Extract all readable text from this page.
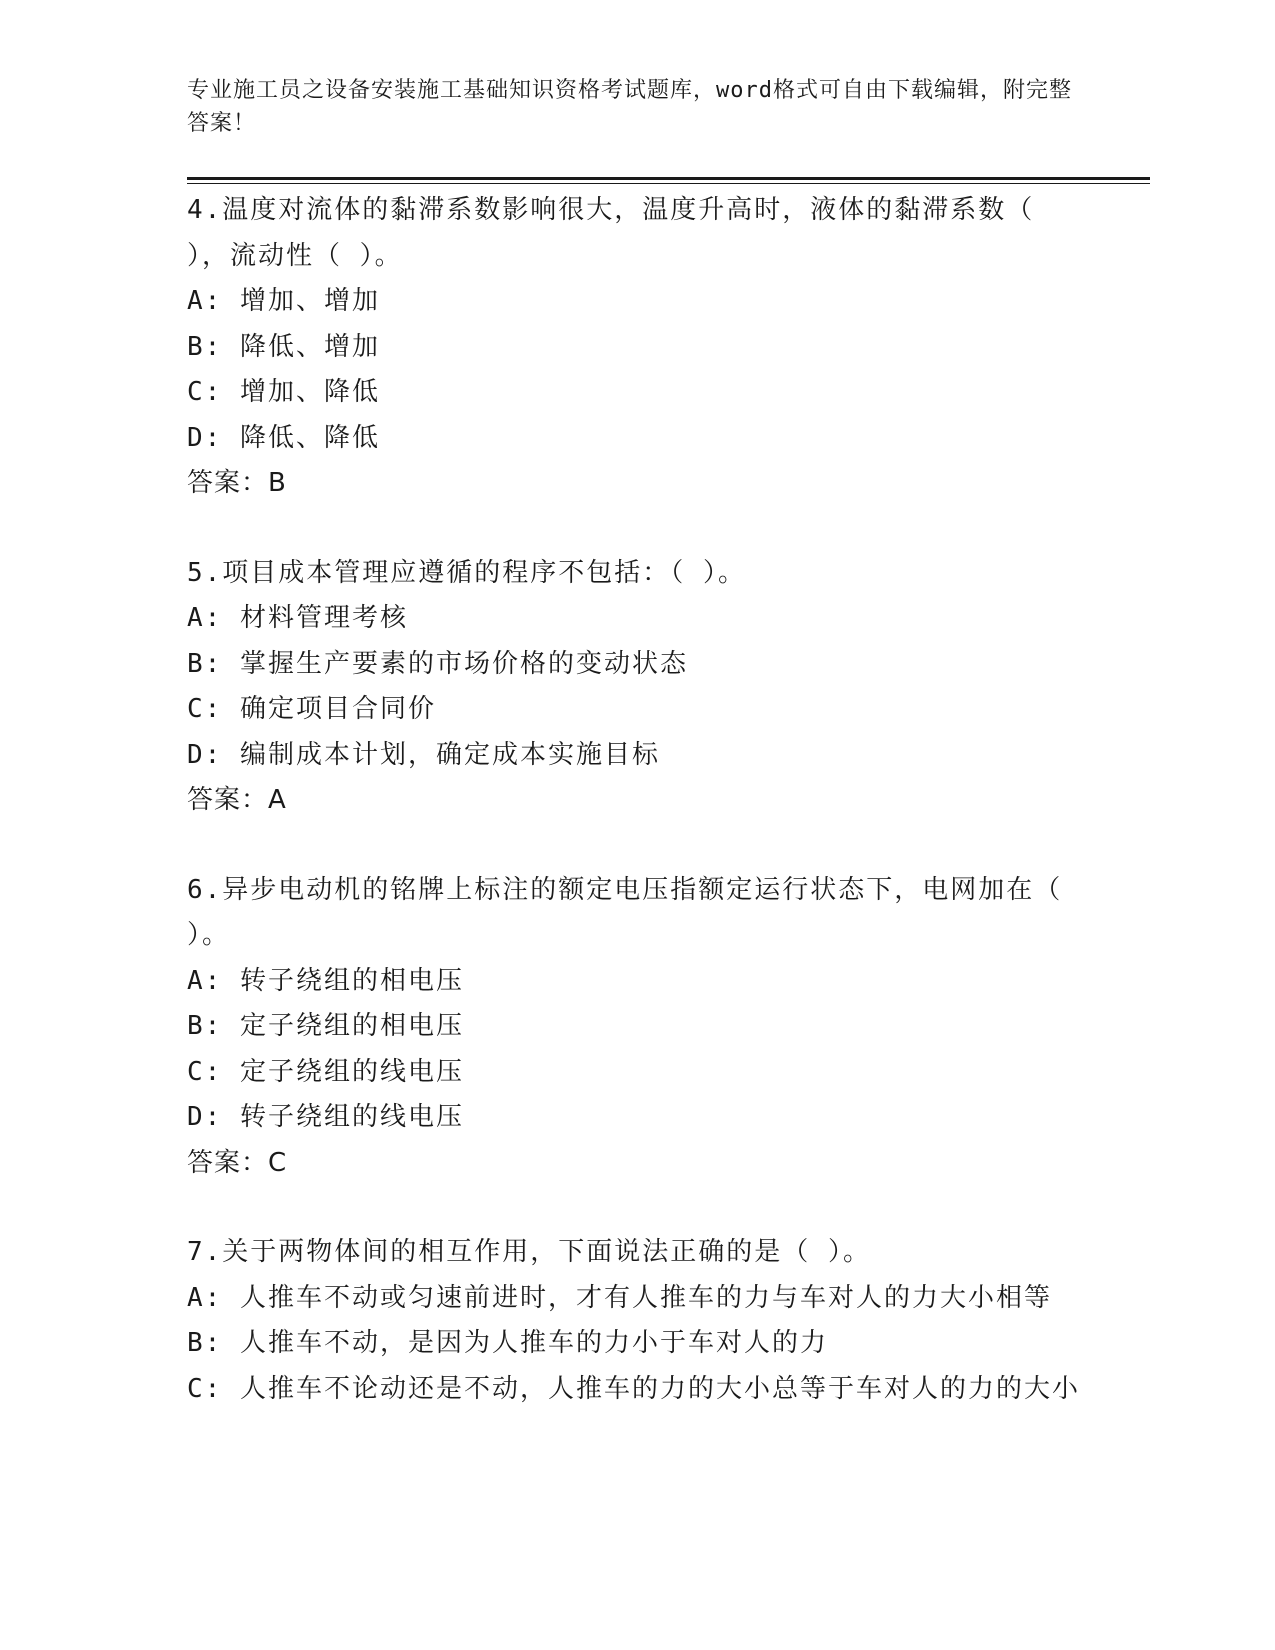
专业施工员之设备安装施工基础知识资格考试题库，word格式可自由下载编辑，附完整答案！
4.温度对流体的黏滞系数影响很大，温度升高时，液体的黏滞系数（ ），流动性（ ）。
A: 增加、增加
B: 降低、增加
C: 增加、降低
D: 降低、降低
答案：B
5.项目成本管理应遵循的程序不包括：（ ）。
A: 材料管理考核
B: 掌握生产要素的市场价格的变动状态
C: 确定项目合同价
D: 编制成本计划，确定成本实施目标
答案：A
6.异步电动机的铭牌上标注的额定电压指额定运行状态下，电网加在（ ）。
A: 转子绕组的相电压
B: 定子绕组的相电压
C: 定子绕组的线电压
D: 转子绕组的线电压
答案：C
7.关于两物体间的相互作用，下面说法正确的是（ ）。
A: 人推车不动或匀速前进时，才有人推车的力与车对人的力大小相等
B: 人推车不动，是因为人推车的力小于车对人的力
C: 人推车不论动还是不动，人推车的力的大小总等于车对人的力的大小
